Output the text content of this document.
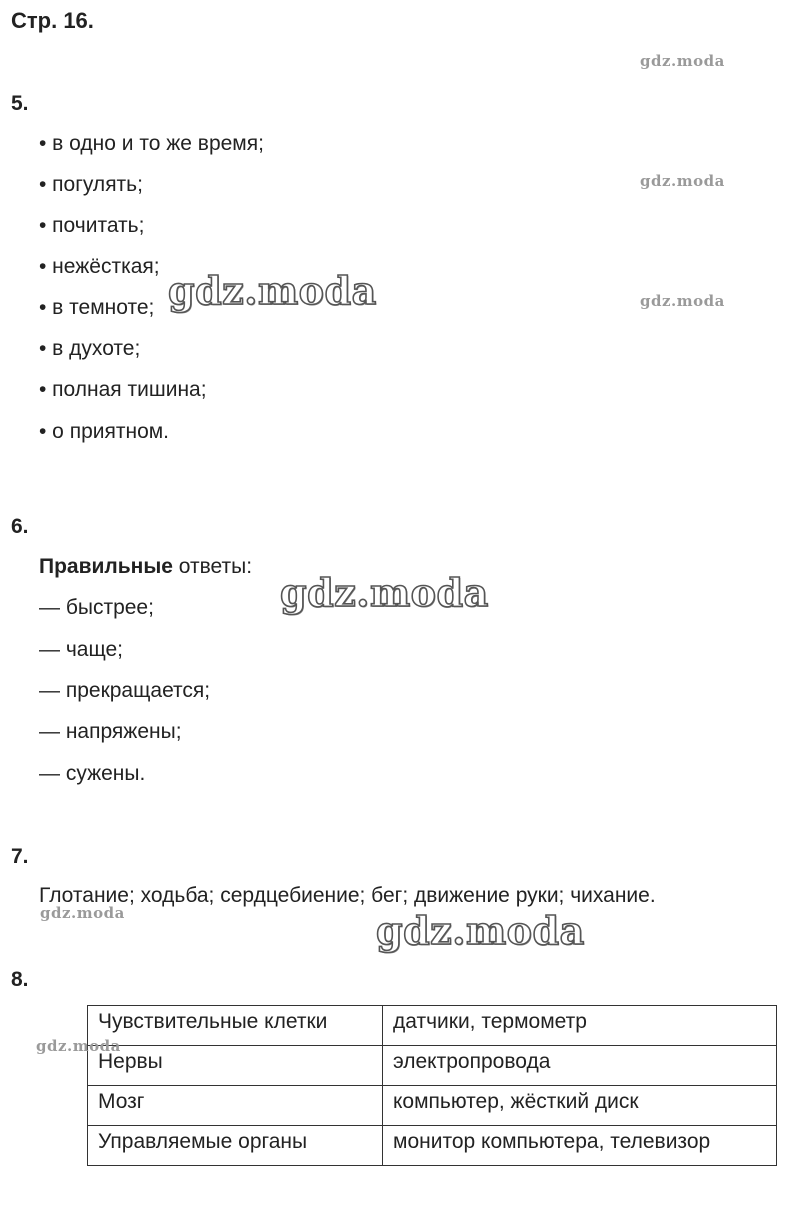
Стр. 16.
5.
• в одно и то же время;
• погулять;
• почитать;
• нежёсткая;
• в темноте;
• в духоте;
• полная тишина;
• о приятном.
6.
Правильные ответы:
— быстрее;
— чаще;
— прекращается;
— напряжены;
— сужены.
7.
Глотание; ходьба; сердцебиение; бег; движение руки; чихание.
8.
Чувствительные клетки	датчики, термометр
Нервы	электропровода
Мозг	компьютер, жёсткий диск
Управляемые органы	монитор компьютера, телевизор
gdz.moda
gdz.moda
gdz.moda
gdz.moda
gdz.moda
gdz.moda
gdz.moda
gdz.moda
